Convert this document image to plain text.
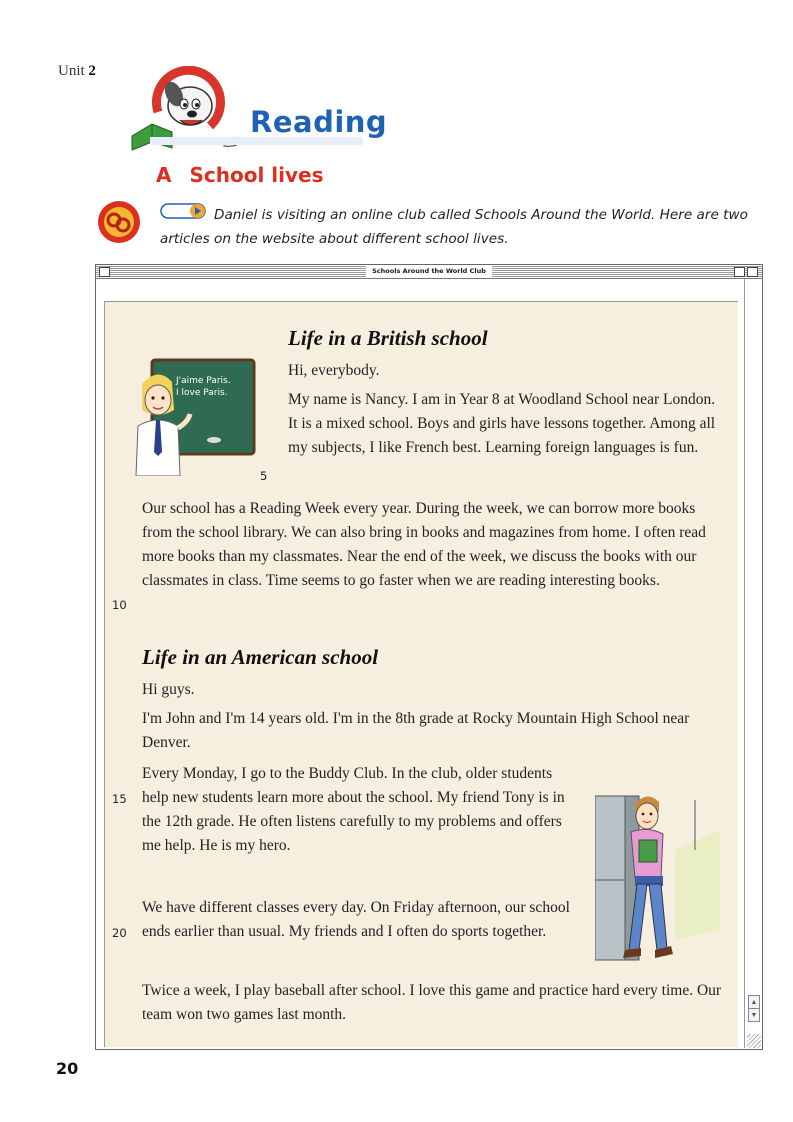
Unit 2
Reading
A School lives

Daniel is visiting an online club called Schools Around the World. Here are two articles on the website about different school lives.

Schools Around the World Club
▲
▼
Life in a British school
J'aime Paris.
I love Paris.
Hi, everybody.

My name is Nancy. I am in Year 8 at Woodland School near London. It is a mixed school. Boys and girls have lessons together. Among all my subjects, I like French best. Learning foreign languages is fun.

5

Our school has a Reading Week every year. During the week, we can borrow more books from the school library. We can also bring in books and magazines from home. I often read more books than my classmates. Near the end of the week, we discuss the books with our classmates in class. Time seems to go faster when we are reading interesting books.

10
Life in an American school
Hi guys.

I'm John and I'm 14 years old. I'm in the 8th grade at Rocky Mountain High School near Denver.

Every Monday, I go to the Buddy Club. In the club, older students help new students learn more about the school. My friend Tony is in the 12th grade. He often listens carefully to my problems and offers me help. He is my hero.

15

We have different classes every day. On Friday afternoon, our school ends earlier than usual. My friends and I often do sports together.

20

Twice a week, I play baseball after school. I love this game and practice hard every time. Our team won two games last month.

20
